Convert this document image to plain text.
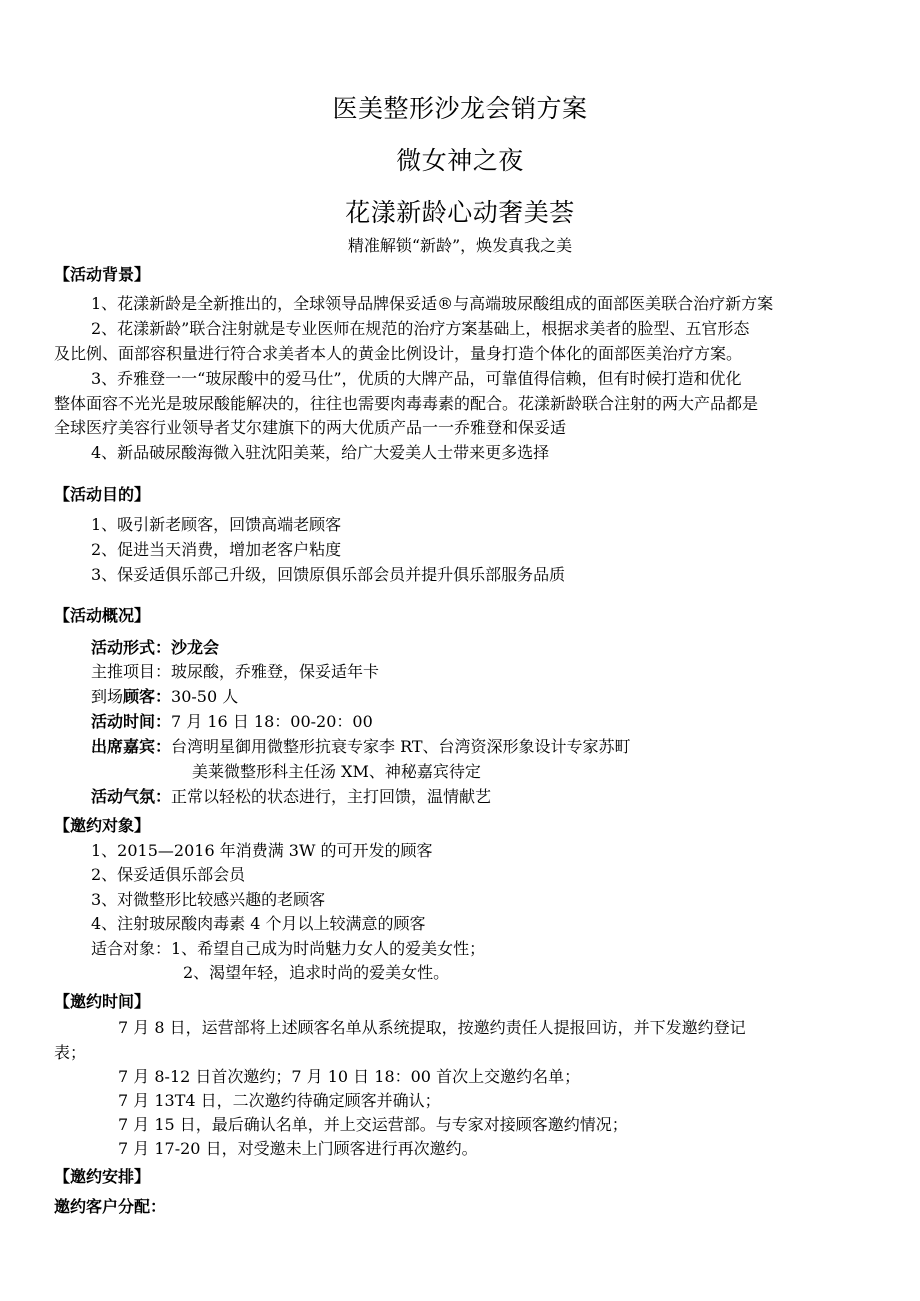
医美整形沙龙会销方案
微女神之夜
花漾新龄心动奢美荟
精准解锁“新龄”，焕发真我之美
【活动背景】
1、花漾新龄是全新推出的，全球领导品牌保妥适®与高端玻尿酸组成的面部医美联合治疗新方案
2、花漾新龄”联合注射就是专业医师在规范的治疗方案基础上，根据求美者的脸型、五官形态
及比例、面部容积量进行符合求美者本人的黄金比例设计，量身打造个体化的面部医美治疗方案。
3、乔雅登一一“玻尿酸中的爱马仕”，优质的大牌产品，可靠值得信赖，但有时候打造和优化
整体面容不光光是玻尿酸能解决的，往往也需要肉毒毒素的配合。花漾新龄联合注射的两大产品都是
全球医疗美容行业领导者艾尔建旗下的两大优质产品一一乔雅登和保妥适
4、新品破尿酸海微入驻沈阳美莱，给广大爱美人士带来更多选择
【活动目的】
1、吸引新老顾客，回馈高端老顾客
2、促进当天消费，增加老客户粘度
3、保妥适俱乐部己升级，回馈原俱乐部会员并提升俱乐部服务品质
【活动概况】
活动形式：沙龙会
主推项目：玻尿酸，乔雅登，保妥适年卡
到场顾客：30-50 人
活动时间：7 月 16 日 18：00-20：00
出席嘉宾：台湾明星御用微整形抗衰专家李 RT、台湾资深形象设计专家苏町
美莱微整形科主任汤 XM、神秘嘉宾待定
活动气氛：正常以轻松的状态进行，主打回馈，温情献艺
【邀约对象】
1、2015—2016 年消费满 3W 的可开发的顾客
2、保妥适俱乐部会员
3、对微整形比较感兴趣的老顾客
4、注射玻尿酸肉毒素 4 个月以上较满意的顾客
适合对象：1、希望自己成为时尚魅力女人的爱美女性；
2、渴望年轻，追求时尚的爱美女性。
【邀约时间】
7 月 8 日，运营部将上述顾客名单从系统提取，按邀约责任人提报回访，并下发邀约登记
表；
7 月 8-12 日首次邀约；7 月 10 日 18：00 首次上交邀约名单；
7 月 13T4 日，二次邀约待确定顾客并确认；
7 月 15 日，最后确认名单，并上交运营部。与专家对接顾客邀约情况；
7 月 17-20 日，对受邀未上门顾客进行再次邀约。
【邀约安排】
邀约客户分配：
